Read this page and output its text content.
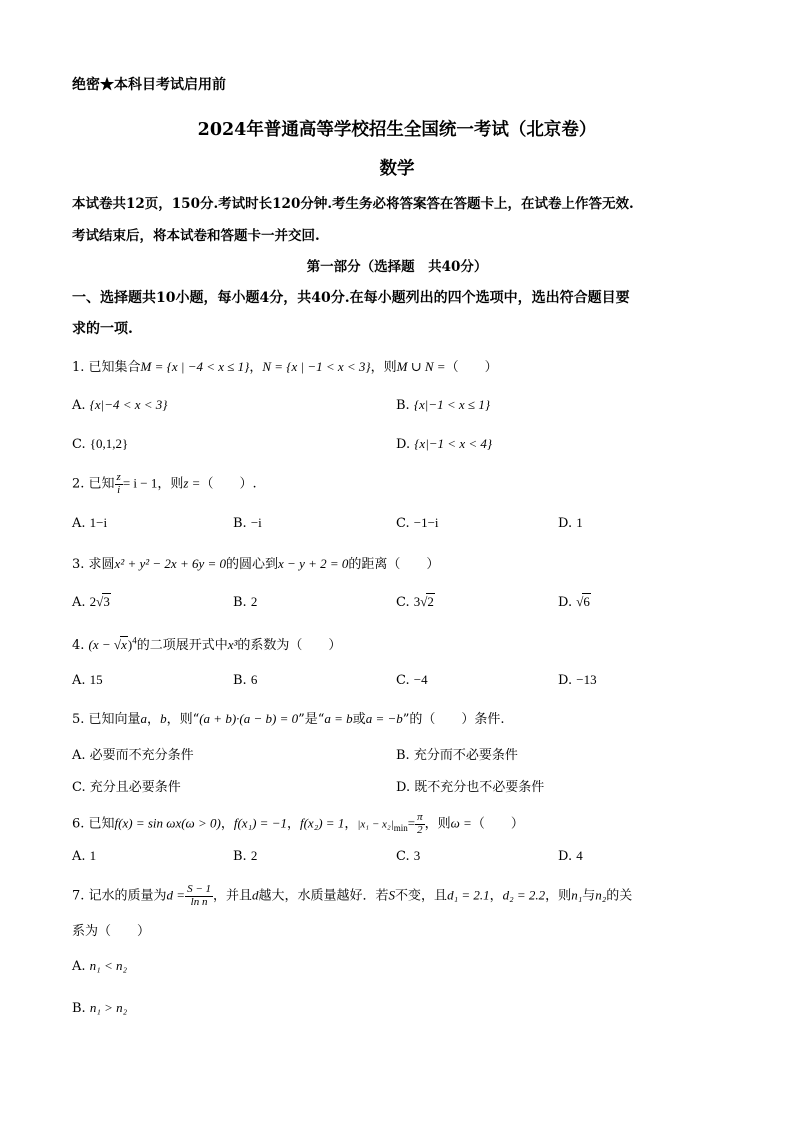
绝密★本科目考试启用前
2024年普通高等学校招生全国统一考试（北京卷）
数学
本试卷共12页，150分.考试时长120分钟.考生务必将答案答在答题卡上，在试卷上作答无效.
考试结束后，将本试卷和答题卡一并交回.
第一部分（选择题　共40分）
一、选择题共10小题，每小题4分，共40分.在每小题列出的四个选项中，选出符合题目要
求的一项.
1. 已知集合M = {x | −4 < x ≤ 1}，N = {x | −1 < x < 3}，则M ∪ N =（　　）
A. {x|−4 < x < 3}	B. {x|−1 < x ≤ 1}
C. {0,1,2}	D. {x|−1 < x < 4}
2. 已知 $\frac{z}{i} = i - 1$，则z =（　　）.
A. 1−i	B. −i	C. −1−i	D. 1
3. 求圆x² + y² − 2x + 6y = 0的圆心到x − y + 2 = 0的距离（　　）
A. 2√3	B. 2	C. 3√2	D. √6
4. $(x - √x)^4$的二项展开式中x³的系数为（　　）
A. 15	B. 6	C. −4	D. −13
5. 已知向量a，b，则“(a + b)·(a − b) = 0”是“a = b或a = −b”的（　　）条件.
A. 必要而不充分条件	B. 充分而不必要条件
C. 充分且必要条件	D. 既不充分也不必要条件
6. 已知f(x) = sin ωx(ω > 0)，f(x₁) = −1，f(x₂) = 1，$|x_1 - x_2|_{min}= \frac{\pi}{2}$ ，则ω =（　　）
A. 1	B. 2	C. 3	D. 4
7. 记水的质量为$d = \frac{S - 1}{\text{ln n}}$ ，并且d越大，水质量越好．若S不变，且d₁ = 2.1，d₂ = 2.2，则n₁与n₂的关
系为（　　）
A. n₁ < n₂
B. n₁ > n₂
